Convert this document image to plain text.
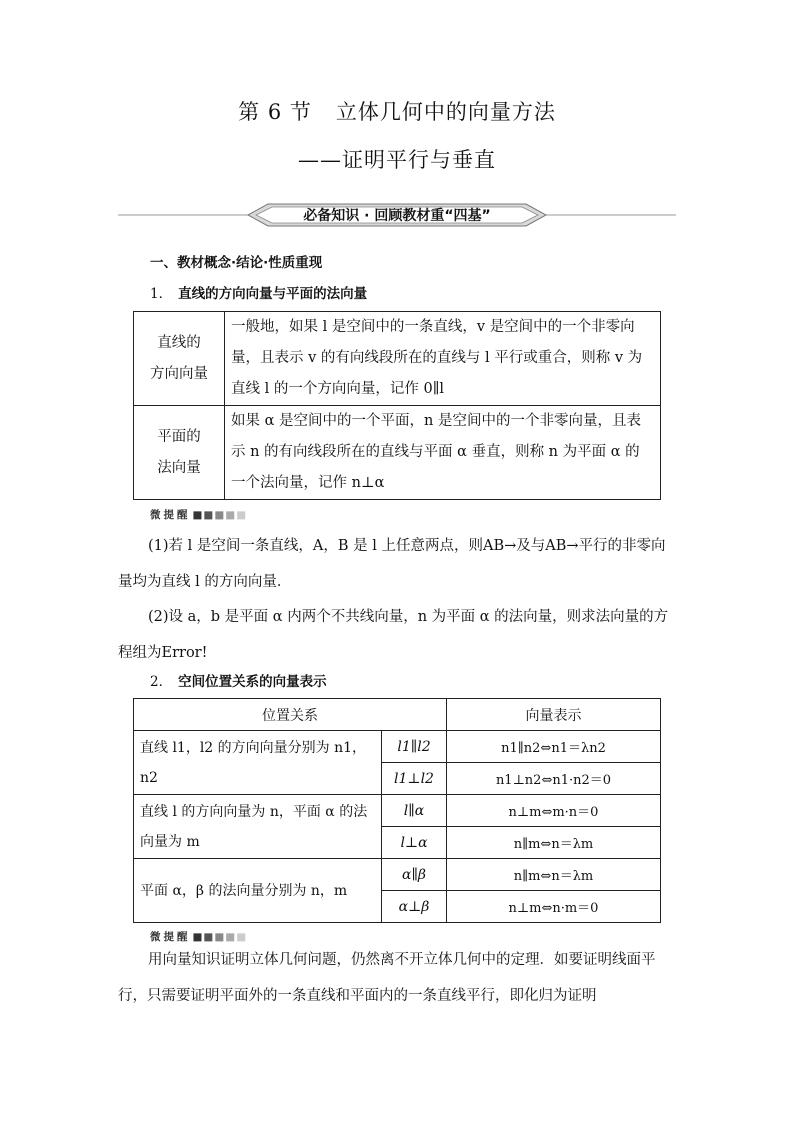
第 6 节 立体几何中的向量方法
——证明平行与垂直
必备知识 · 回顾教材重“四基”
一、教材概念·结论·性质重现
1． 直线的方向向量与平面的法向量
直线的
方向向量	一般地，如果 l 是空间中的一条直线，v 是空间中的一个非零向量，且表示 v 的有向线段所在的直线与 l 平行或重合，则称 v 为直线 l 的一个方向向量，记作 0∥l

平面的
法向量	如果 α 是空间中的一个平面，n 是空间中的一个非零向量，且表示 n 的有向线段所在的直线与平面 α 垂直，则称 n 为平面 α 的一个法向量，记作 n⊥α
微提醒 ■■■■■
(1)若 l 是空间一条直线，A，B 是 l 上任意两点，则AB→及与AB→平行的非零向量均为直线 l 的方向向量．
(2)设 a，b 是平面 α 内两个不共线向量，n 为平面 α 的法向量，则求法向量的方程组为Error!
2． 空间位置关系的向量表示
位置关系		向量表示
直线 l1，l2 的方向向量分别为 n1，n2	l1∥l2	n1∥n2⇔n1＝λn2
	l1⊥l2	n1⊥n2⇔n1·n2＝0
直线 l 的方向向量为 n，平面 α 的法向量为 m	l∥α	n⊥m⇔m·n＝0
	l⊥α	n∥m⇔n＝λm
平面 α，β 的法向量分别为 n，m	α∥β	n∥m⇔n＝λm
	α⊥β	n⊥m⇔n·m＝0
微提醒 ■■■■■
用向量知识证明立体几何问题，仍然离不开立体几何中的定理．如要证明线面平行，只需要证明平面外的一条直线和平面内的一条直线平行，即化归为证明
